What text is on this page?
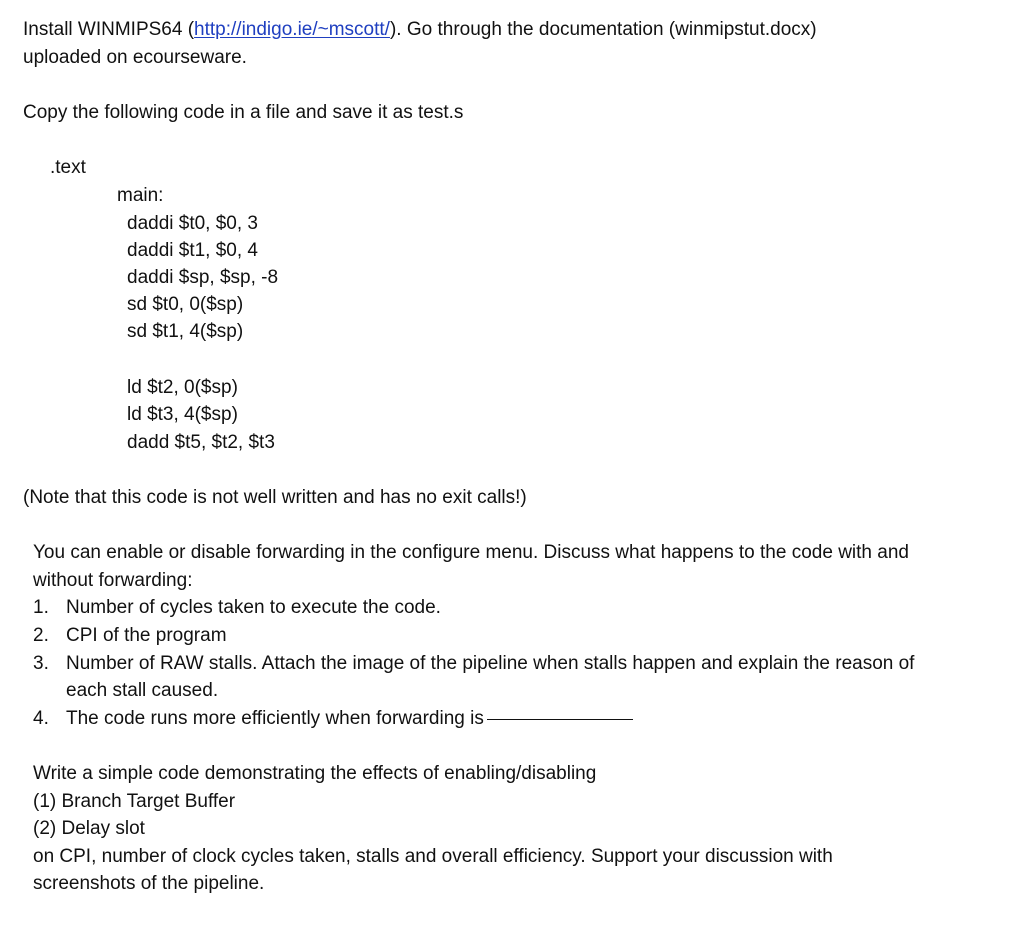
Install WINMIPS64 (http://indigo.ie/~mscott/). Go through the documentation (winmipstut.docx)
uploaded on ecourseware.
Copy the following code in a file and save it as test.s
.text
main:
daddi $t0, $0, 3
daddi $t1, $0, 4
daddi $sp, $sp, -8
sd $t0, 0($sp)
sd $t1, 4($sp)
ld $t2, 0($sp)
ld $t3, 4($sp)
dadd $t5, $t2, $t3
(Note that this code is not well written and has no exit calls!)
You can enable or disable forwarding in the configure menu. Discuss what happens to the code with and
without forwarding:
1. Number of cycles taken to execute the code.
2. CPI of the program
3. Number of RAW stalls. Attach the image of the pipeline when stalls happen and explain the reason of
each stall caused.
4. The code runs more efficiently when forwarding is
Write a simple code demonstrating the effects of enabling/disabling
(1) Branch Target Buffer
(2) Delay slot
on CPI, number of clock cycles taken, stalls and overall efficiency. Support your discussion with
screenshots of the pipeline.
